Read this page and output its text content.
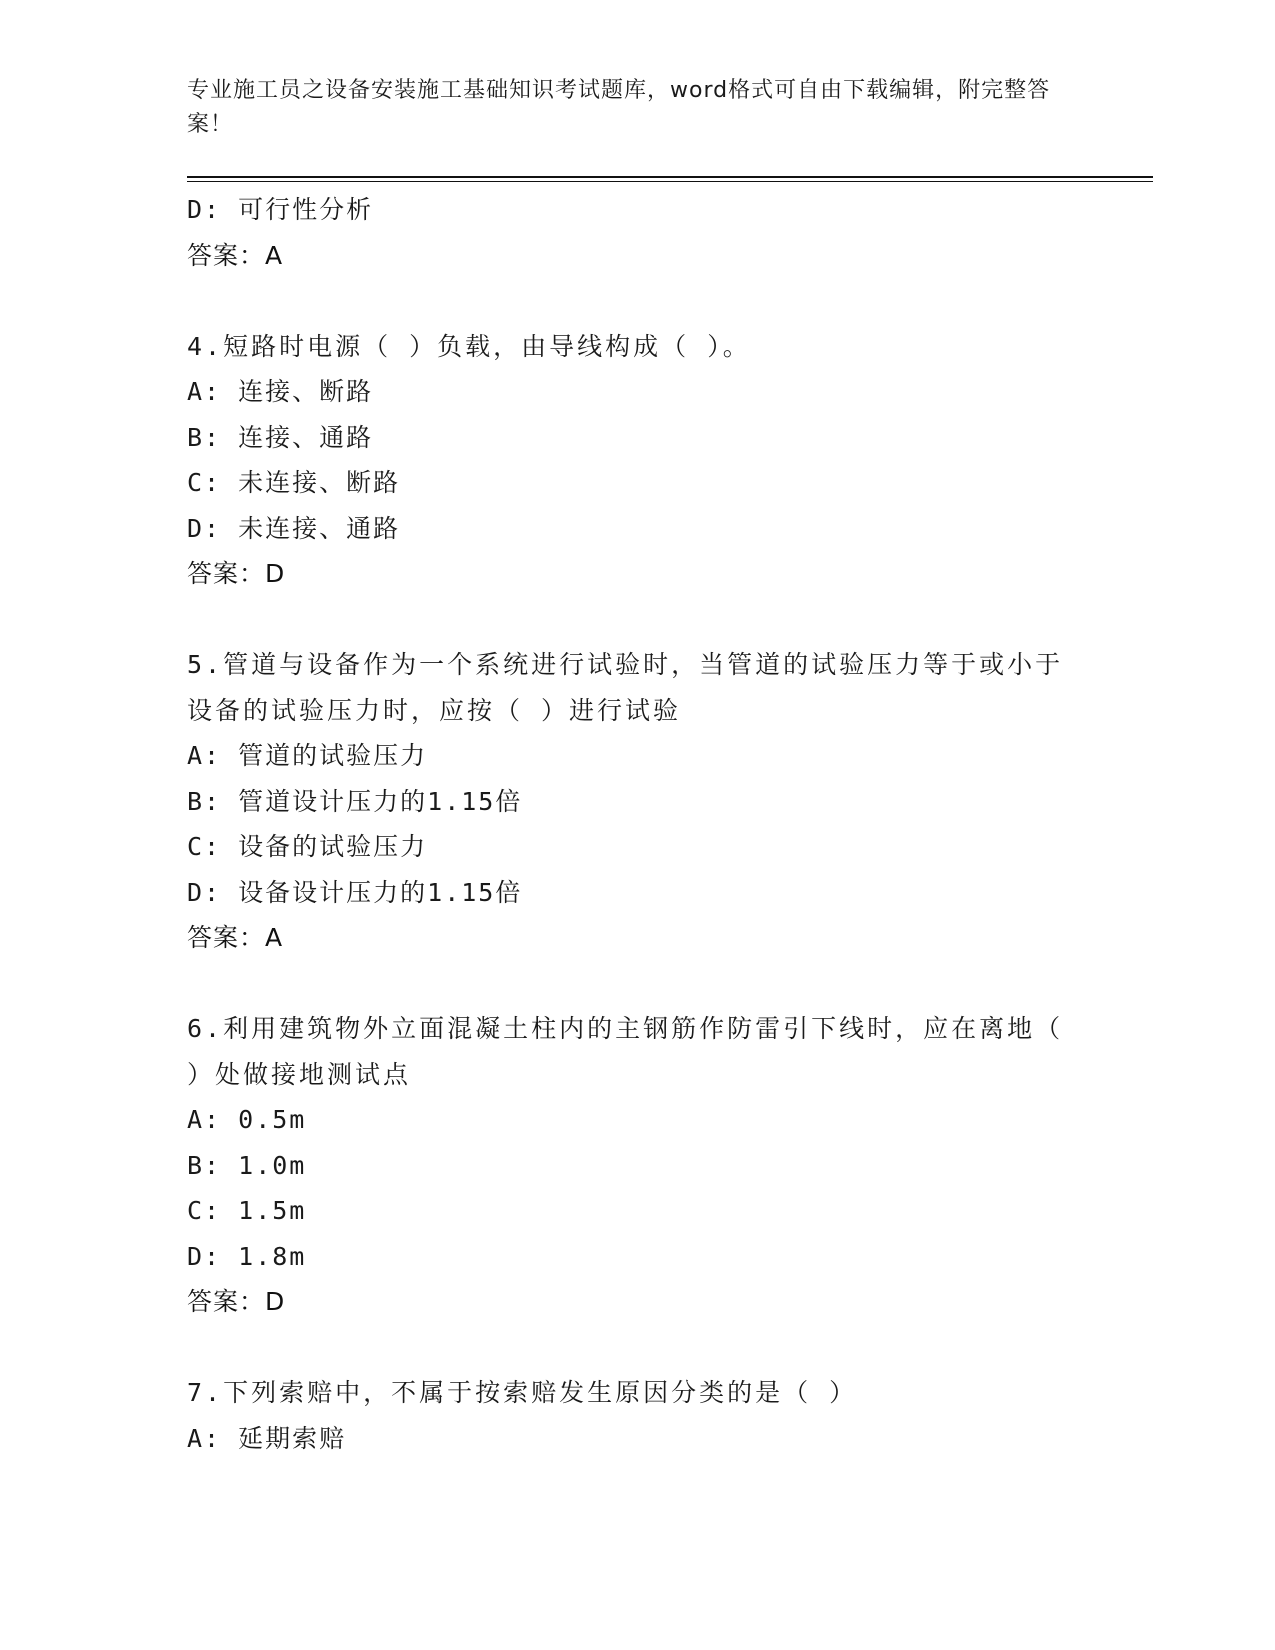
专业施工员之设备安装施工基础知识考试题库，word格式可自由下载编辑，附完整答案！
D: 可行性分析
答案：A
4.短路时电源（ ）负载，由导线构成（ ）。
A: 连接、断路
B: 连接、通路
C: 未连接、断路
D: 未连接、通路
答案：D
5.管道与设备作为一个系统进行试验时，当管道的试验压力等于或小于设备的试验压力时，应按（ ）进行试验
A: 管道的试验压力
B: 管道设计压力的1.15倍
C: 设备的试验压力
D: 设备设计压力的1.15倍
答案：A
6.利用建筑物外立面混凝土柱内的主钢筋作防雷引下线时，应在离地（ ）处做接地测试点
A: 0.5m
B: 1.0m
C: 1.5m
D: 1.8m
答案：D
7.下列索赔中，不属于按索赔发生原因分类的是（ ）
A: 延期索赔
